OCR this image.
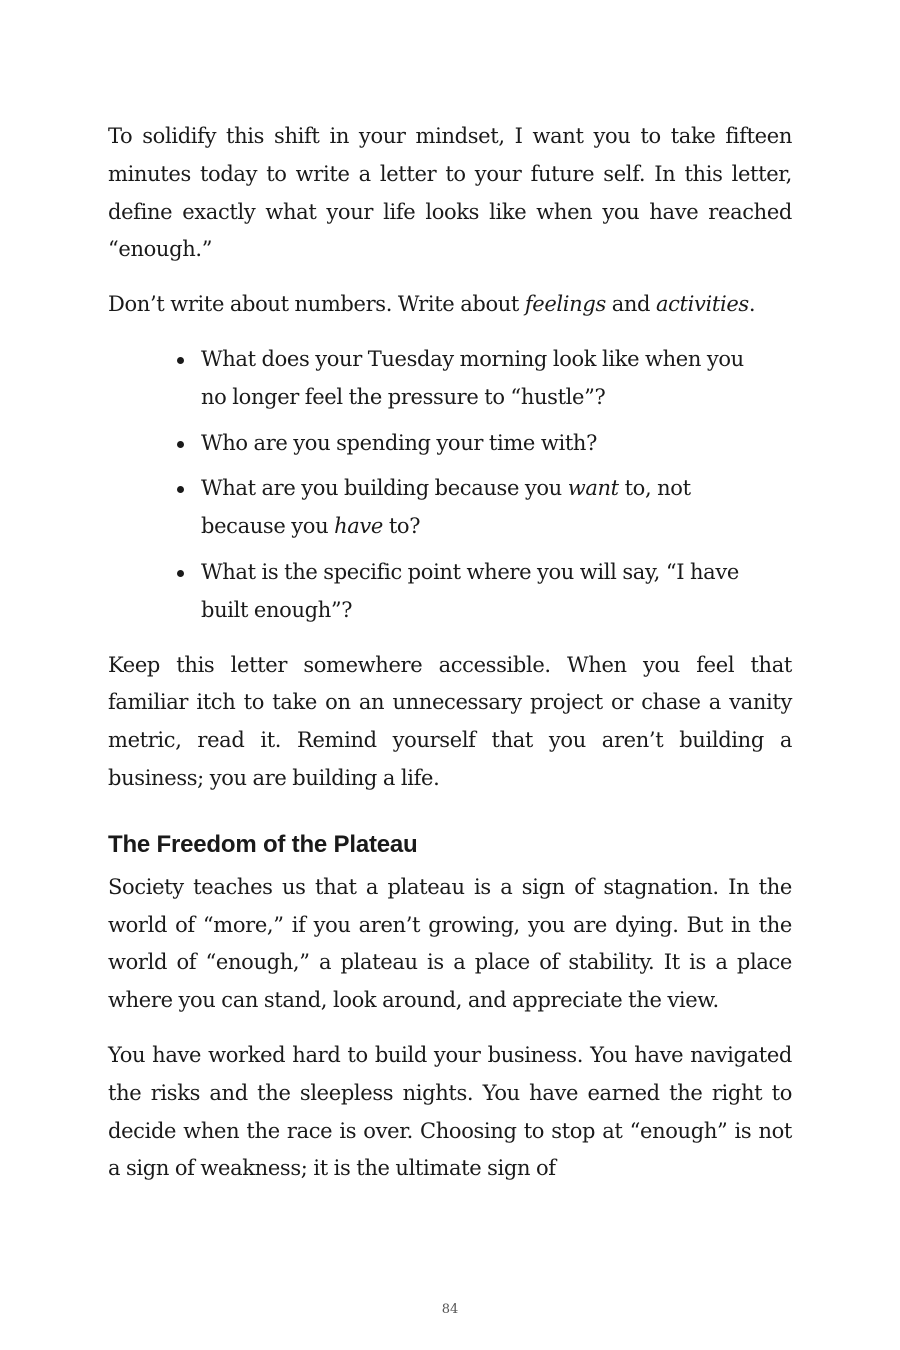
To solidify this shift in your mindset, I want you to take fifteen minutes today to write a letter to your future self. In this letter, define exactly what your life looks like when you have reached “enough.”

Don’t write about numbers. Write about feelings and activities.

What does your Tuesday morning look like when you no longer feel the pressure to “hustle”?
Who are you spending your time with?
What are you building because you want to, not because you have to?
What is the specific point where you will say, “I have built enough”?

Keep this letter somewhere accessible. When you feel that familiar itch to take on an unnecessary project or chase a vanity metric, read it. Remind yourself that you aren’t building a business; you are building a life.

The Freedom of the Plateau

Society teaches us that a plateau is a sign of stagnation. In the world of “more,” if you aren’t growing, you are dying. But in the world of “enough,” a plateau is a place of stability. It is a place where you can stand, look around, and appreciate the view.

You have worked hard to build your business. You have navigated the risks and the sleepless nights. You have earned the right to decide when the race is over. Choosing to stop at “enough” is not a sign of weakness; it is the ultimate sign of

84
